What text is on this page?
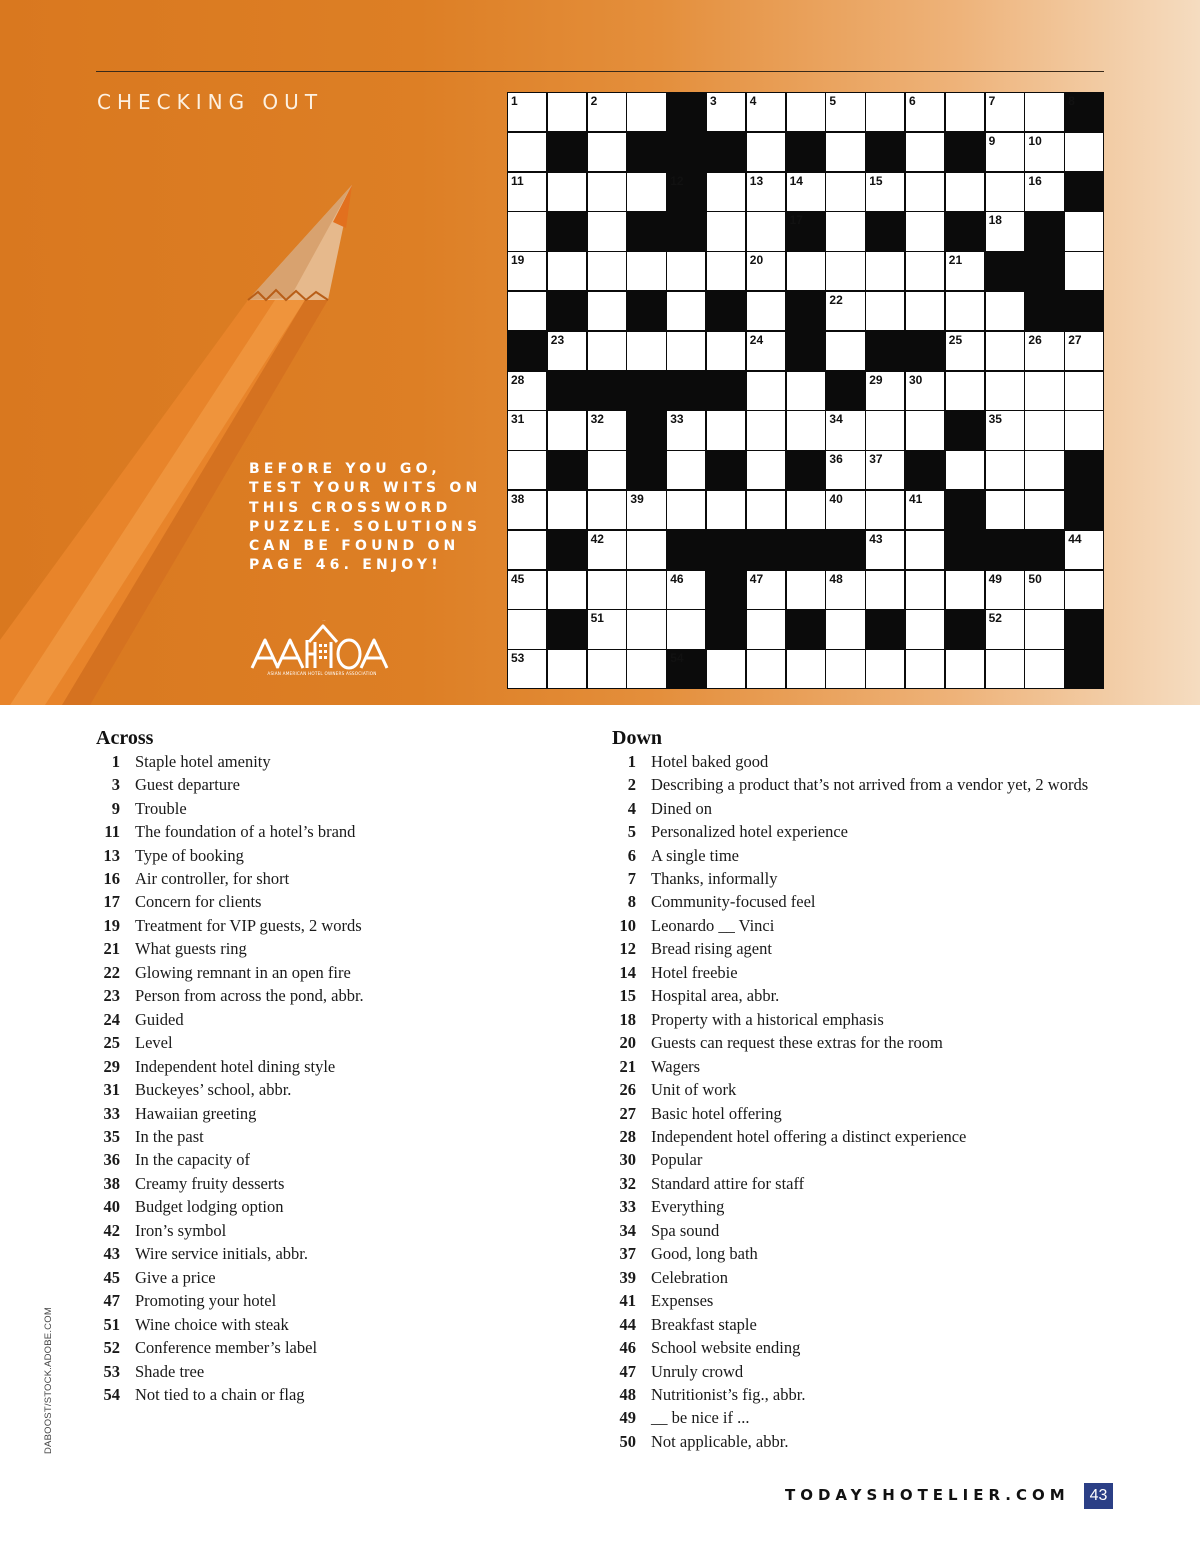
CHECKING OUT
BEFORE YOU GO,
TEST YOUR WITS ON
THIS CROSSWORD
PUZZLE. SOLUTIONS
CAN BE FOUND ON
PAGE 46. ENJOY!
AAHOA
ASIAN AMERICAN HOTEL OWNERS ASSOCIATION
1	2	3	4	5	6	7	8
9	10
11	12	13 14	15	16
17	18
19	20	21
22
23	24	25	26 27
28	29 30
31	32	33	34	35
36 37
38	39	40	41
42	43	44
45	46	47	48	49 50
51	52
53	54
Across
1 Staple hotel amenity
3 Guest departure
9 Trouble
11 The foundation of a hotel’s brand
13 Type of booking
16 Air controller, for short
17 Concern for clients
19 Treatment for VIP guests, 2 words
21 What guests ring
22 Glowing remnant in an open fire
23 Person from across the pond, abbr.
24 Guided
25 Level
29 Independent hotel dining style
31 Buckeyes’ school, abbr.
33 Hawaiian greeting
35 In the past
36 In the capacity of
38 Creamy fruity desserts
40 Budget lodging option
42 Iron’s symbol
43 Wire service initials, abbr.
45 Give a price
47 Promoting your hotel
51 Wine choice with steak
52 Conference member’s label
53 Shade tree
54 Not tied to a chain or flag
Down
1 Hotel baked good
2 Describing a product that’s not arrived from a vendor yet, 2 words
4 Dined on
5 Personalized hotel experience
6 A single time
7 Thanks, informally
8 Community-focused feel
10 Leonardo __ Vinci
12 Bread rising agent
14 Hotel freebie
15 Hospital area, abbr.
18 Property with a historical emphasis
20 Guests can request these extras for the room
21 Wagers
26 Unit of work
27 Basic hotel offering
28 Independent hotel offering a distinct experience
30 Popular
32 Standard attire for staff
33 Everything
34 Spa sound
37 Good, long bath
39 Celebration
41 Expenses
44 Breakfast staple
46 School website ending
47 Unruly crowd
48 Nutritionist’s fig., abbr.
49 __ be nice if ...
50 Not applicable, abbr.
DABOOST/STOCK.ADOBE.COM
TODAYSHOTELIER.COM	43
